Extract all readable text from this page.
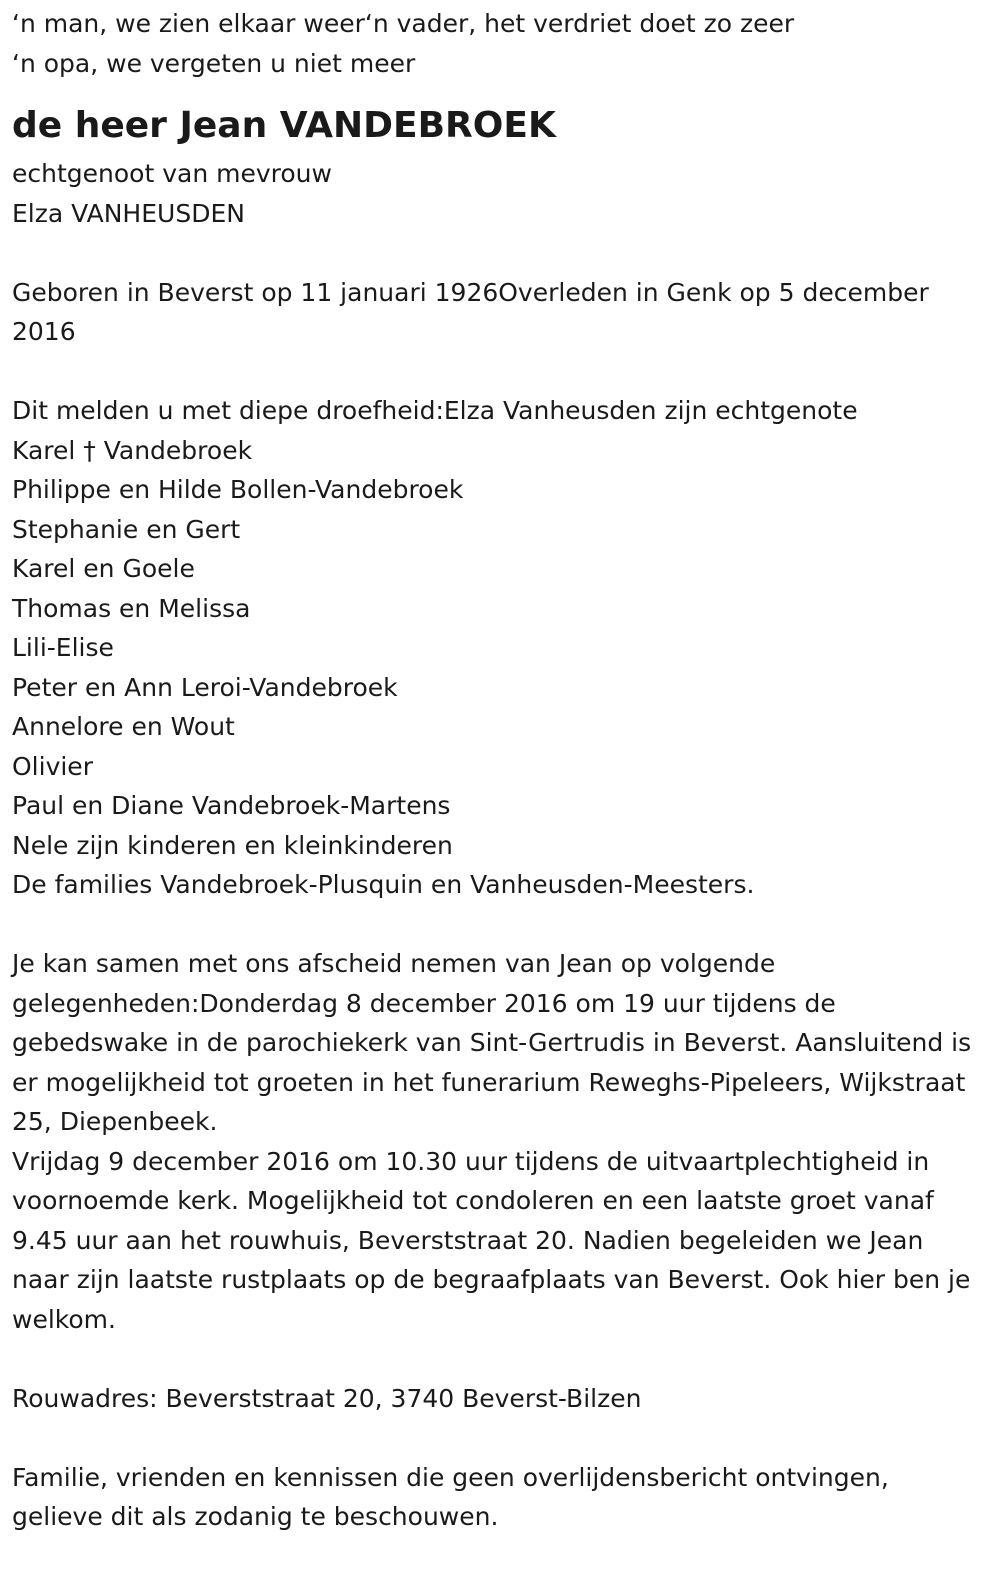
‘n man, we zien elkaar weer‘n vader, het verdriet doet zo zeer

‘n opa, we vergeten u niet meer

de heer Jean VANDEBROEK

echtgenoot van mevrouw

Elza VANHEUSDEN

Geboren in Beverst op 11 januari 1926Overleden in Genk op 5 december 2016

Dit melden u met diepe droefheid:Elza Vanheusden zijn echtgenote

Karel † Vandebroek

Philippe en Hilde Bollen-Vandebroek

Stephanie en Gert

Karel en Goele

Thomas en Melissa

Lili-Elise

Peter en Ann Leroi-Vandebroek

Annelore en Wout

Olivier

Paul en Diane Vandebroek-Martens

Nele zijn kinderen en kleinkinderen

De families Vandebroek-Plusquin en Vanheusden-Meesters.

Je kan samen met ons afscheid nemen van Jean op volgende gelegenheden:Donderdag 8 december 2016 om 19 uur tijdens de gebedswake in de parochiekerk van Sint-Gertrudis in Beverst. Aansluitend is er mogelijkheid tot groeten in het funerarium Reweghs-Pipeleers, Wijkstraat 25, Diepenbeek.

Vrijdag 9 december 2016 om 10.30 uur tijdens de uitvaartplechtigheid in voornoemde kerk. Mogelijkheid tot condoleren en een laatste groet vanaf 9.45 uur aan het rouwhuis, Beverststraat 20. Nadien begeleiden we Jean naar zijn laatste rustplaats op de begraafplaats van Beverst. Ook hier ben je welkom.

Rouwadres: Beverststraat 20, 3740 Beverst-Bilzen

Familie, vrienden en kennissen die geen overlijdensbericht ontvingen, gelieve dit als zodanig te beschouwen.
